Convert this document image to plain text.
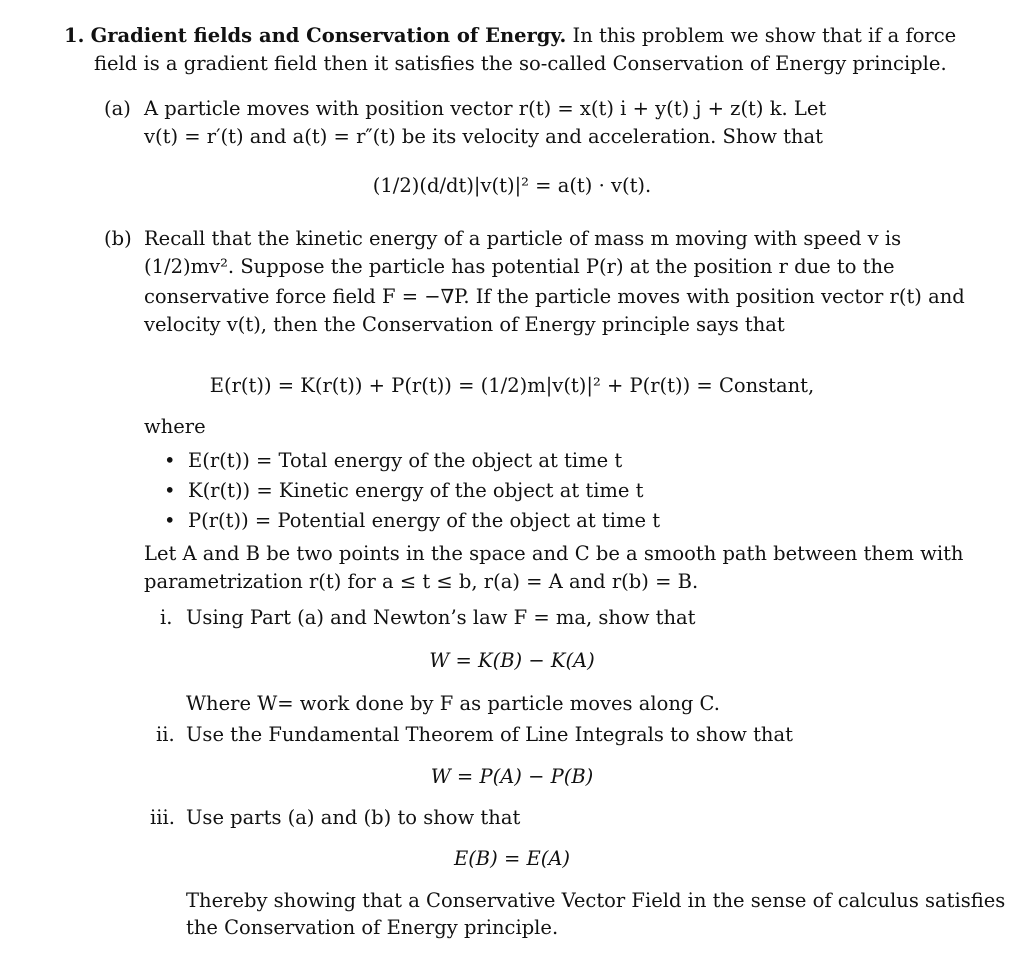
1. Gradient fields and Conservation of Energy. In this problem we show that if a force
field is a gradient field then it satisfies the so-called Conservation of Energy principle.
(a) A particle moves with position vector r(t) = x(t) i + y(t) j + z(t) k. Let
v(t) = r′(t) and a(t) = r″(t) be its velocity and acceleration. Show that
(1/2)(d/dt)|v(t)|² = a(t) · v(t).
(b) Recall that the kinetic energy of a particle of mass m moving with speed v is
(1/2)mv². Suppose the particle has potential P(r) at the position r due to the
conservative force field F = −∇P. If the particle moves with position vector r(t) and
velocity v(t), then the Conservation of Energy principle says that
E(r(t)) = K(r(t)) + P(r(t)) = (1/2)m|v(t)|² + P(r(t)) = Constant,
where
• E(r(t)) = Total energy of the object at time t
• K(r(t)) = Kinetic energy of the object at time t
• P(r(t)) = Potential energy of the object at time t
Let A and B be two points in the space and C be a smooth path between them with
parametrization r(t) for a ≤ t ≤ b, r(a) = A and r(b) = B.
i. Using Part (a) and Newton’s law F = ma, show that
W = K(B) − K(A)
Where W= work done by F as particle moves along C.
ii. Use the Fundamental Theorem of Line Integrals to show that
W = P(A) − P(B)
iii. Use parts (a) and (b) to show that
E(B) = E(A)
Thereby showing that a Conservative Vector Field in the sense of calculus satisfies
the Conservation of Energy principle.
